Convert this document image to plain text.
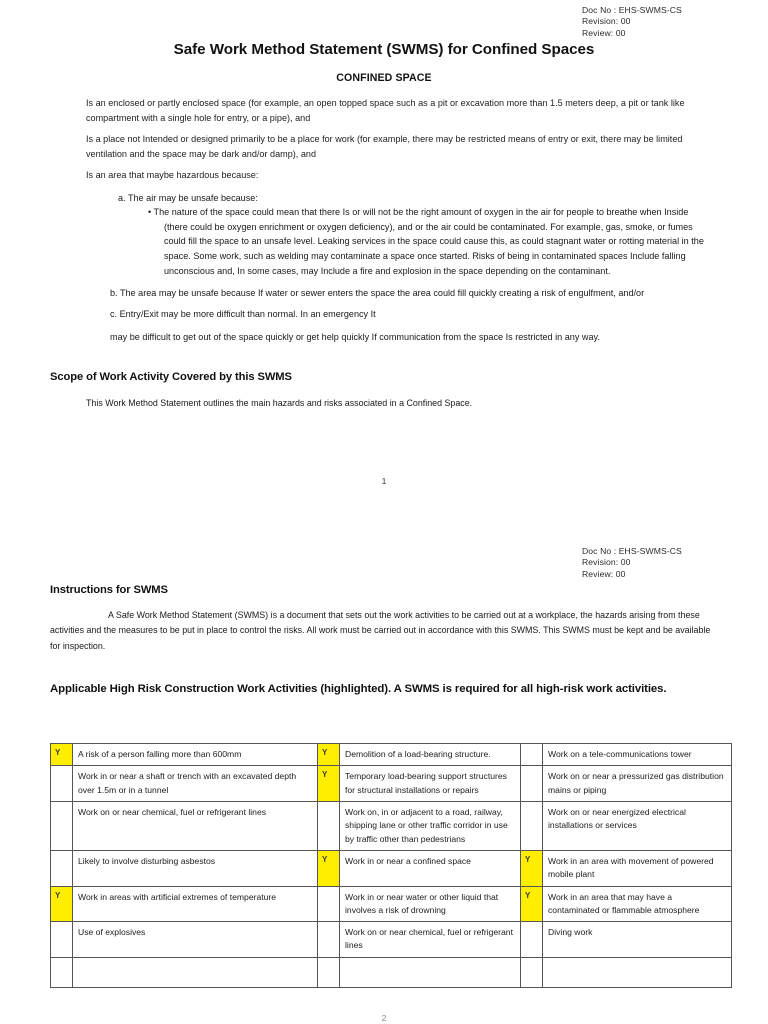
Doc No : EHS-SWMS-CS
Revision: 00
Review: 00
Safe Work Method Statement (SWMS) for Confined Spaces
CONFINED SPACE
Is an enclosed or partly enclosed space (for example, an open topped space such as a pit or excavation more than 1.5 meters deep, a pit or tank like compartment with a single hole for entry, or a pipe), and
Is a place not Intended or designed primarily to be a place for work (for example, there may be restricted means of entry or exit, there may be limited ventilation and the space may be dark and/or damp), and
Is an area that maybe hazardous because:
a. The air may be unsafe because:
• The nature of the space could mean that there Is or will not be the right amount of oxygen in the air for people to breathe when Inside (there could be oxygen enrichment or oxygen deficiency), and or the air could be contaminated. For example, gas, smoke, or fumes could fill the space to an unsafe level. Leaking services in the space could cause this, as could stagnant water or rotting material in the space. Some work, such as welding may contaminate a space once started. Risks of being in contaminated spaces Include falling unconscious and, In some cases, may Include a fire and explosion in the space depending on the contaminant.
b. The area may be unsafe because If water or sewer enters the space the area could fill quickly creating a risk of engulfment, and/or
c. Entry/Exit may be more difficult than normal. In an emergency It
may be difficult to get out of the space quickly or get help quickly If communication from the space Is restricted in any way.
Scope of Work Activity Covered by this SWMS
This Work Method Statement outlines the main hazards and risks associated in a Confined Space.
1
Doc No : EHS-SWMS-CS
Revision: 00
Review: 00
Instructions for SWMS
A Safe Work Method Statement (SWMS) is a document that sets out the work activities to be carried out at a workplace, the hazards arising from these activities and the measures to be put in place to control the risks. All work must be carried out in accordance with this SWMS. This SWMS must be kept and be available for inspection.
Applicable High Risk Construction Work Activities (highlighted). A SWMS is required for all high-risk work activities.
Y	A risk of a person falling more than 600mm	Y	Demolition of a load-bearing structure.		Work on a tele-communications tower
	Work in or near a shaft or trench with an excavated depth over 1.5m or in a tunnel	Y	Temporary load-bearing support structures for structural installations or repairs		Work on or near a pressurized gas distribution mains or piping
	Work on or near chemical, fuel or refrigerant lines		Work on, in or adjacent to a road, railway, shipping lane or other traffic corridor in use by traffic other than pedestrians		Work on or near energized electrical installations or services
	Likely to involve disturbing asbestos	Y	Work in or near a confined space	Y	Work in an area with movement of powered mobile plant
Y	Work in areas with artificial extremes of temperature		Work in or near water or other liquid that involves a risk of drowning	Y	Work in an area that may have a contaminated or flammable atmosphere
	Use of explosives		Work on or near chemical, fuel or refrigerant lines		Diving work

2
